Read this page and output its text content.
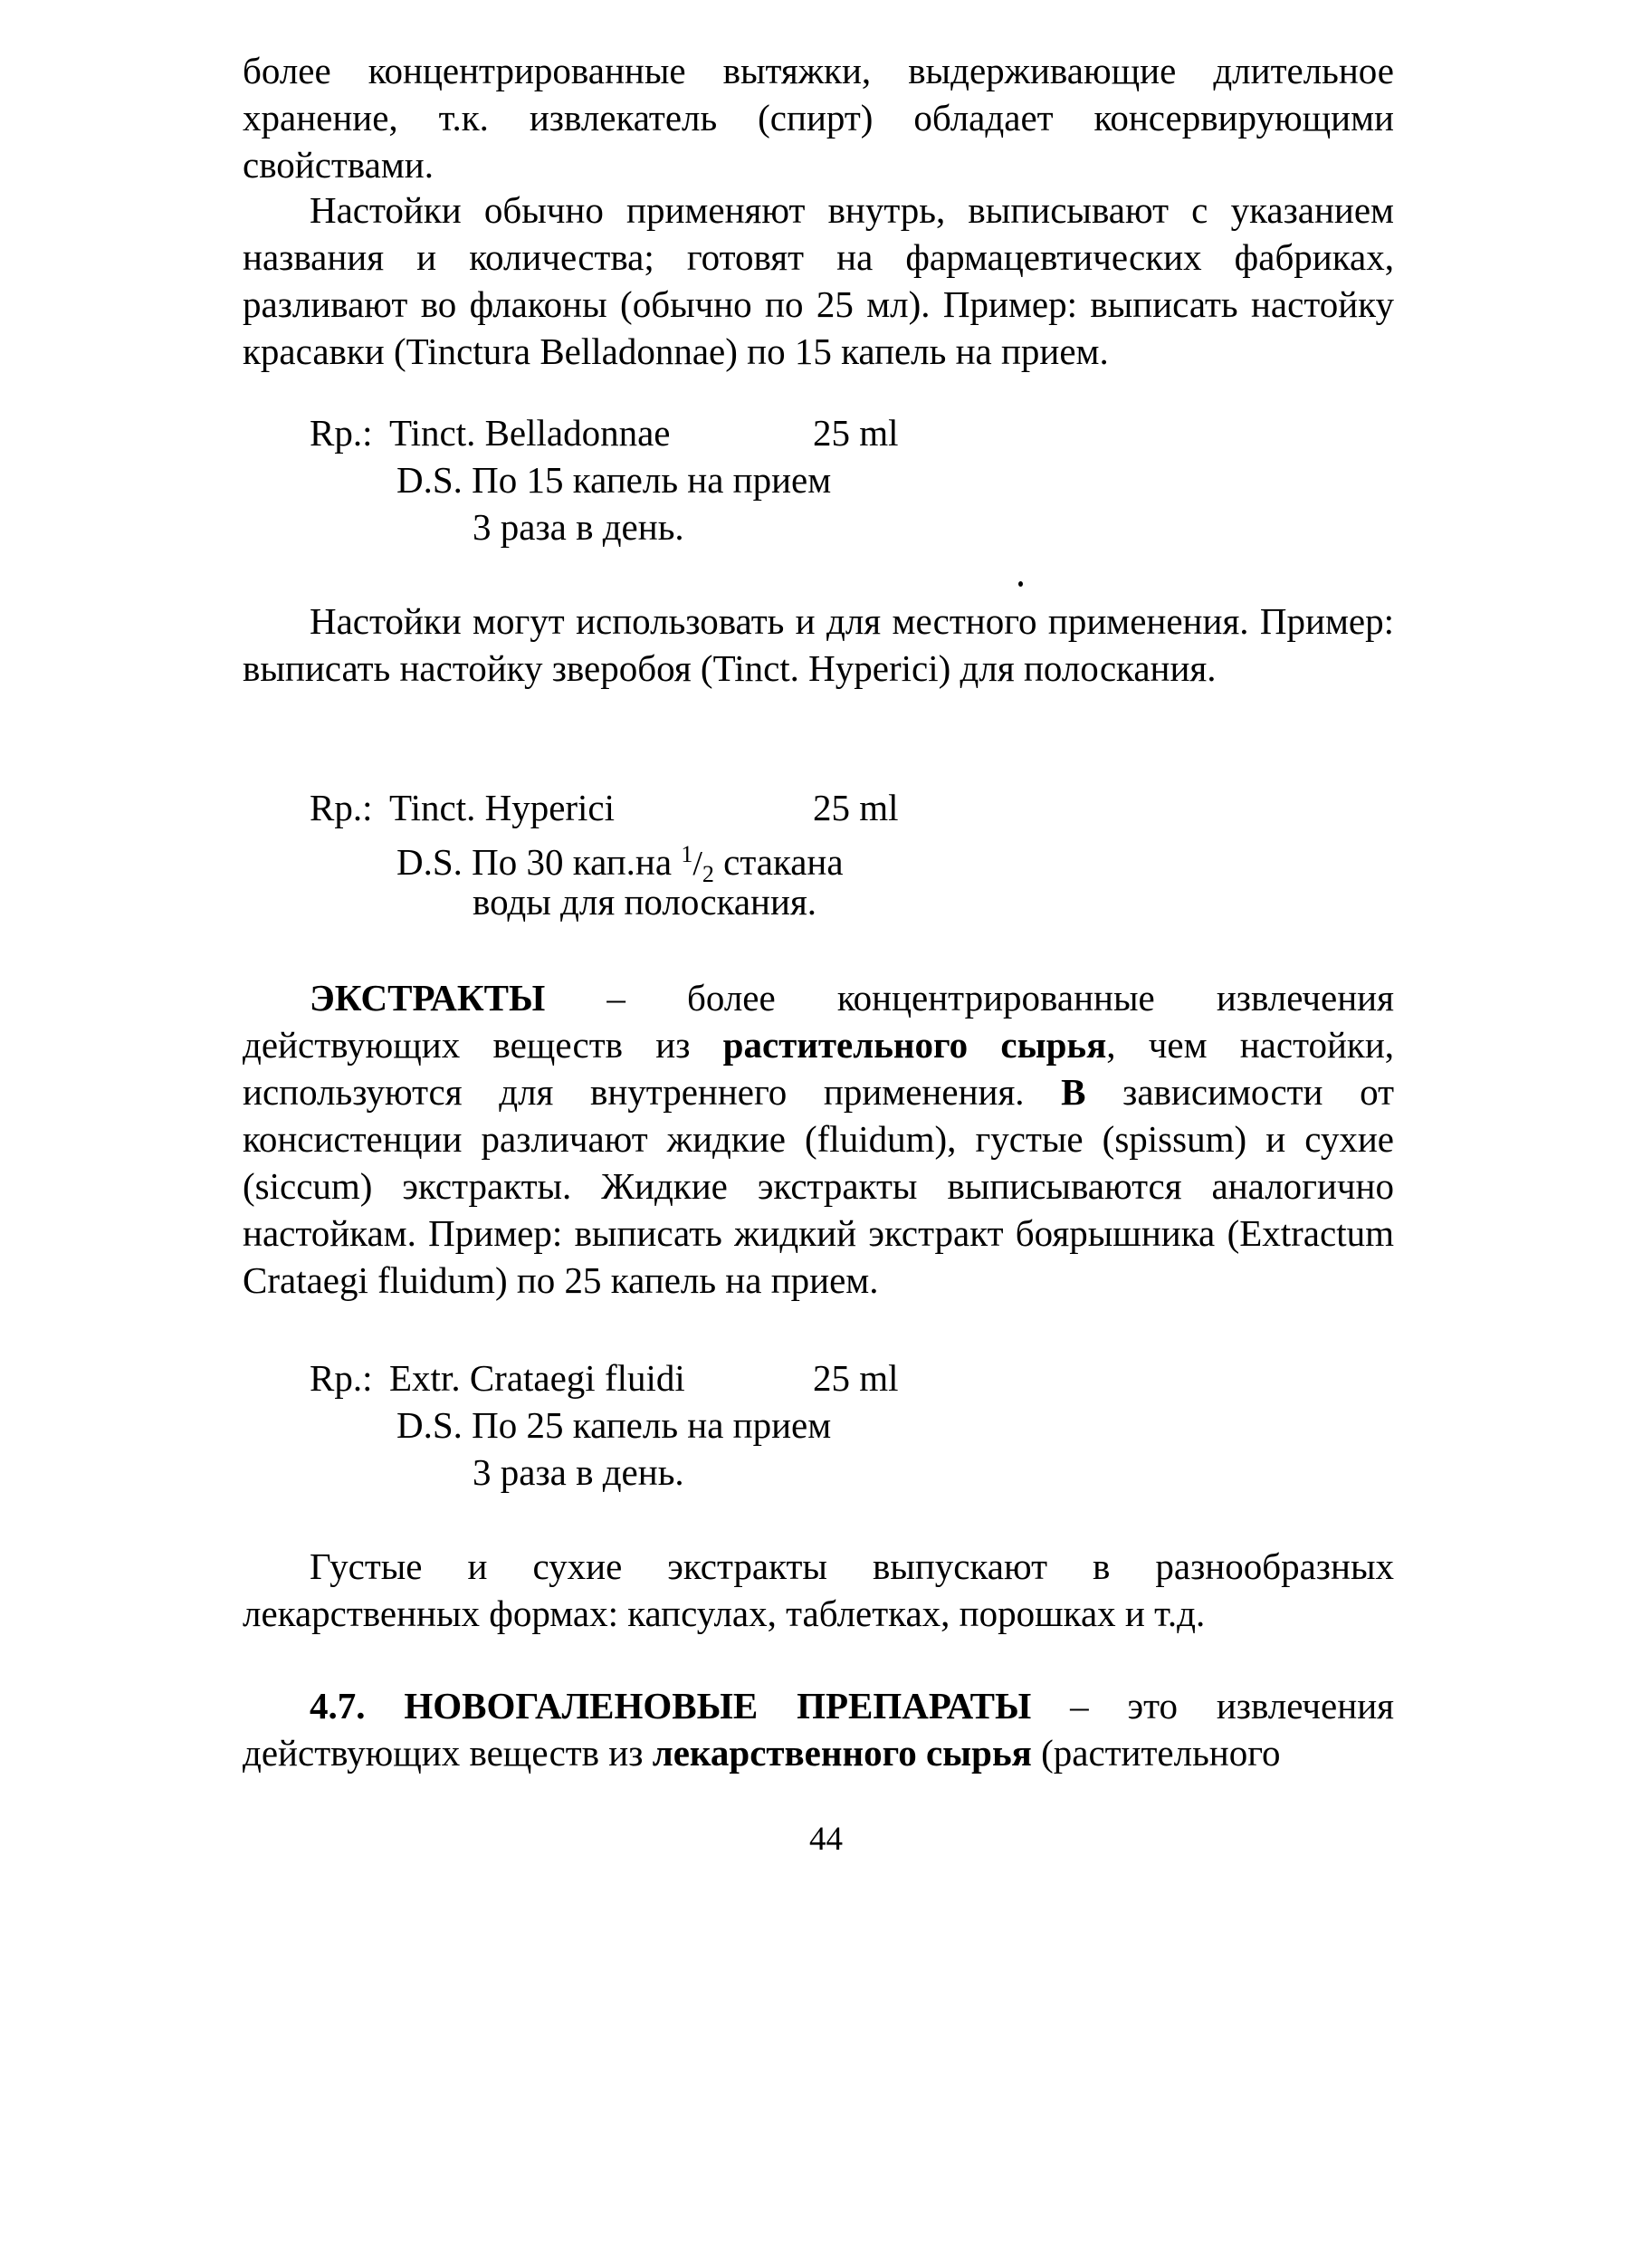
более концентрированные вытяжки, выдерживающие длительное хранение, т.к. извлекатель (спирт) обладает консервирующими свойствами.

Настойки обычно применяют внутрь, выписывают с указанием названия и количества; готовят на фармацевтических фабриках, разливают во флаконы (обычно по 25 мл). Пример: выписать настойку красавки (Tinctura Belladonnae) по 15 капель на прием.

Rp.: Tinct. Belladonnae	25 ml
D.S. По 15 капель на прием
3 раза в день.

Настойки могут использовать и для местного применения. Пример: выписать настойку зверобоя (Tinct. Hyperici) для полоскания.

Rp.: Tinct. Hyperici	25 ml
D.S. По 30 кап.на $^1$/2 стакана
воды для полоскания.

ЭКСТРАКТЫ – более концентрированные извлечения действующих веществ из растительного сырья, чем настойки, используются для внутреннего применения. В зависимости от консистенции различают жидкие (fluidum), густые (spissum) и сухие (siccum) экстракты. Жидкие экстракты выписываются аналогично настойкам. Пример: выписать жидкий экстракт боярышника (Extractum Crataegi fluidum) по 25 капель на прием.

Rp.: Extr. Crataegi fluidi	25 ml
D.S. По 25 капель на прием
3 раза в день.

Густые и сухие экстракты выпускают в разнообразных лекарственных формах: капсулах, таблетках, порошках и т.д.

4.7. НОВОГАЛЕНОВЫЕ ПРЕПАРАТЫ – это извлечения действующих веществ из лекарственного сырья (растительного

44
